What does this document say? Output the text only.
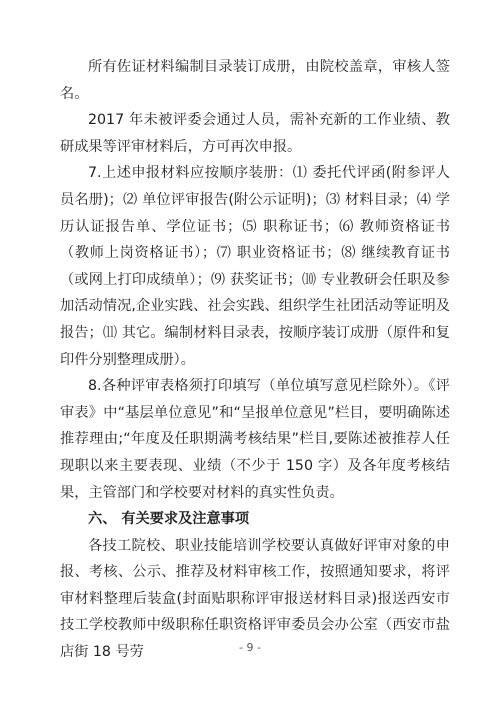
所有佐证材料编制目录装订成册，由院校盖章，审核人签名。

2017 年未被评委会通过人员，需补充新的工作业绩、教研成果等评审材料后，方可再次申报。

7.上述申报材料应按顺序装册：⑴ 委托代评函(附参评人员名册)；⑵ 单位评审报告(附公示证明)；⑶ 材料目录；⑷ 学历认证报告单、学位证书；⑸ 职称证书；⑹ 教师资格证书（教师上岗资格证书）；⑺ 职业资格证书；⑻ 继续教育证书（或网上打印成绩单）；⑼ 获奖证书；⑽ 专业教研会任职及参加活动情况,企业实践、社会实践、组织学生社团活动等证明及报告；⑾ 其它。编制材料目录表，按顺序装订成册（原件和复印件分别整理成册）。

8.各种评审表格须打印填写（单位填写意见栏除外）。《评审表》中“基层单位意见”和“呈报单位意见”栏目，要明确陈述推荐理由;“年度及任职期满考核结果”栏目,要陈述被推荐人任现职以来主要表现、业绩（不少于 150 字）及各年度考核结果，主管部门和学校要对材料的真实性负责。

六、 有关要求及注意事项

各技工院校、职业技能培训学校要认真做好评审对象的申报、考核、公示、推荐及材料审核工作，按照通知要求，将评审材料整理后装盒(封面贴职称评审报送材料目录)报送西安市技工学校教师中级职称任职资格评审委员会办公室（西安市盐店街 18 号劳	- 9 -
